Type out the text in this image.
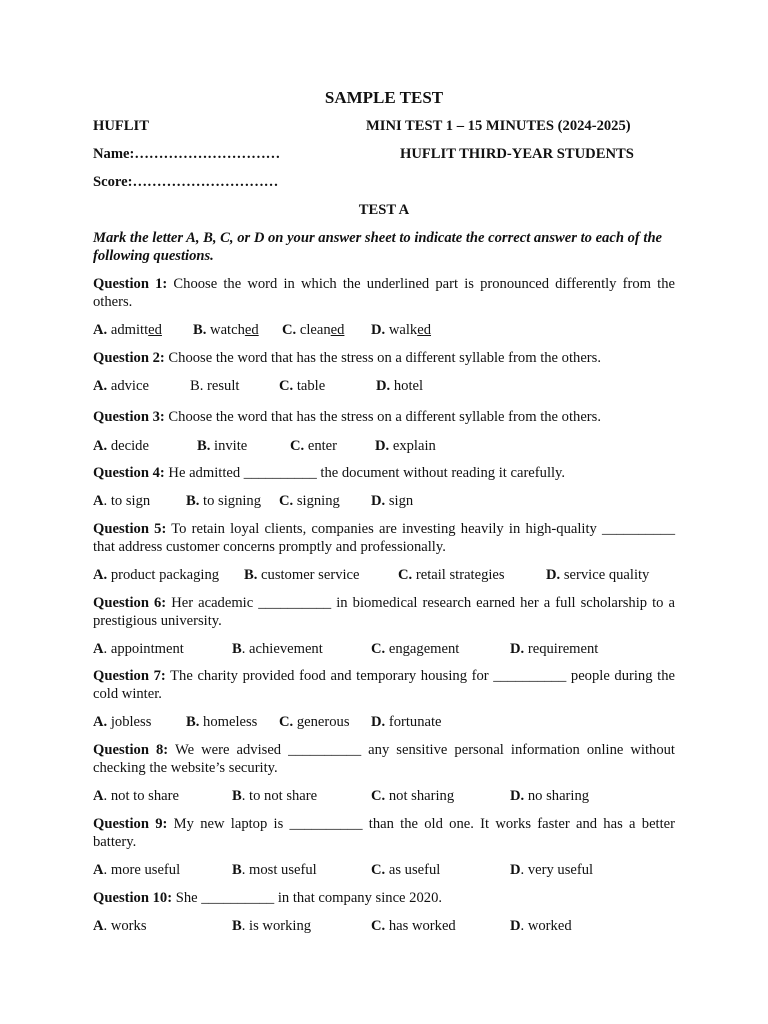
SAMPLE TEST
HUFLIT	MINI TEST 1 – 15 MINUTES (2024-2025)
Name:…………………………	HUFLIT THIRD-YEAR STUDENTS
Score:…………………………
TEST A
Mark the letter A, B, C, or D on your answer sheet to indicate the correct answer to each of the following questions.
Question 1: Choose the word in which the underlined part is pronounced differently from the others.
A. admitted B. watched C. cleaned D. walked
Question 2: Choose the word that has the stress on a different syllable from the others.
A. advice	B. result	C. table	D. hotel
Question 3: Choose the word that has the stress on a different syllable from the others.
A. decide	B. invite	C. enter	D. explain
Question 4: He admitted __________ the document without reading it carefully.
A. to sign B. to signing C. signing D. sign
Question 5: To retain loyal clients, companies are investing heavily in high-quality __________ that address customer concerns promptly and professionally.
A. product packaging B. customer service	C. retail strategies	D. service quality
Question 6: Her academic __________ in biomedical research earned her a full scholarship to a prestigious university.
A. appointment	B. achievement	C. engagement	D. requirement
Question 7: The charity provided food and temporary housing for __________ people during the cold winter.
A. jobless B. homeless C. generous D. fortunate
Question 8: We were advised __________ any sensitive personal information online without checking the website’s security.
A. not to share	B. to not share	C. not sharing	D. no sharing
Question 9: My new laptop is __________ than the old one. It works faster and has a better battery.
A. more useful	B. most useful	C. as useful	D. very useful
Question 10: She __________ in that company since 2020.
A. works	B. is working	C. has worked	D. worked
